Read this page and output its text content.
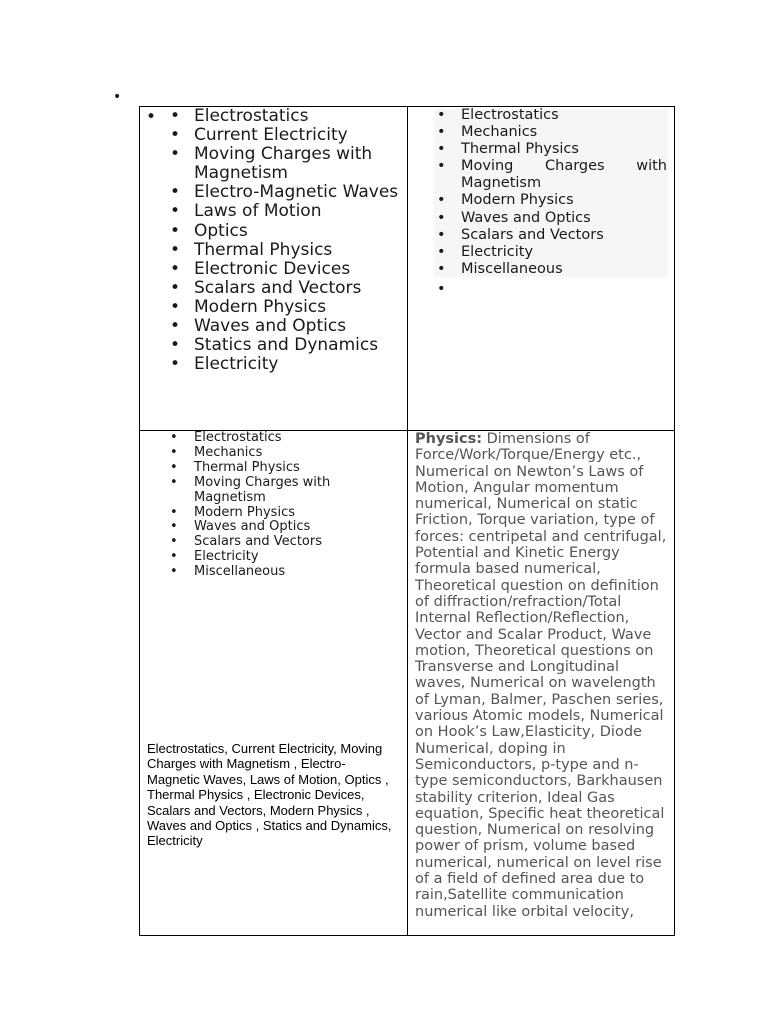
•
•
• Electrostatics
• Current Electricity
• Moving Charges with Magnetism
• Electro-Magnetic Waves
• Laws of Motion
• Optics
• Thermal Physics
• Electronic Devices
• Scalars and Vectors
• Modern Physics
• Waves and Optics
• Statics and Dynamics
• Electricity
• Electrostatics
• Mechanics
• Thermal Physics
• Moving Charges with Magnetism
• Modern Physics
• Waves and Optics
• Scalars and Vectors
• Electricity
• Miscellaneous
•
• Electrostatics
• Mechanics
• Thermal Physics
• Moving Charges with Magnetism
• Modern Physics
• Waves and Optics
• Scalars and Vectors
• Electricity
• Miscellaneous
Electrostatics, Current Electricity, Moving Charges with Magnetism , Electro-Magnetic Waves, Laws of Motion, Optics , Thermal Physics , Electronic Devices, Scalars and Vectors, Modern Physics , Waves and Optics , Statics and Dynamics, Electricity
Physics: Dimensions of Force/Work/Torque/Energy etc., Numerical on Newton’s Laws of Motion, Angular momentum numerical, Numerical on static Friction, Torque variation, type of forces: centripetal and centrifugal, Potential and Kinetic Energy formula based numerical, Theoretical question on definition of diffraction/refraction/Total Internal Reflection/Reflection, Vector and Scalar Product, Wave motion, Theoretical questions on Transverse and Longitudinal waves, Numerical on wavelength of Lyman, Balmer, Paschen series, various Atomic models, Numerical on Hook’s Law,Elasticity, Diode Numerical, doping in Semiconductors, p-type and n-type semiconductors, Barkhausen stability criterion, Ideal Gas equation, Specific heat theoretical question, Numerical on resolving power of prism, volume based numerical, numerical on level rise of a field of defined area due to rain,Satellite communication numerical like orbital velocity,
